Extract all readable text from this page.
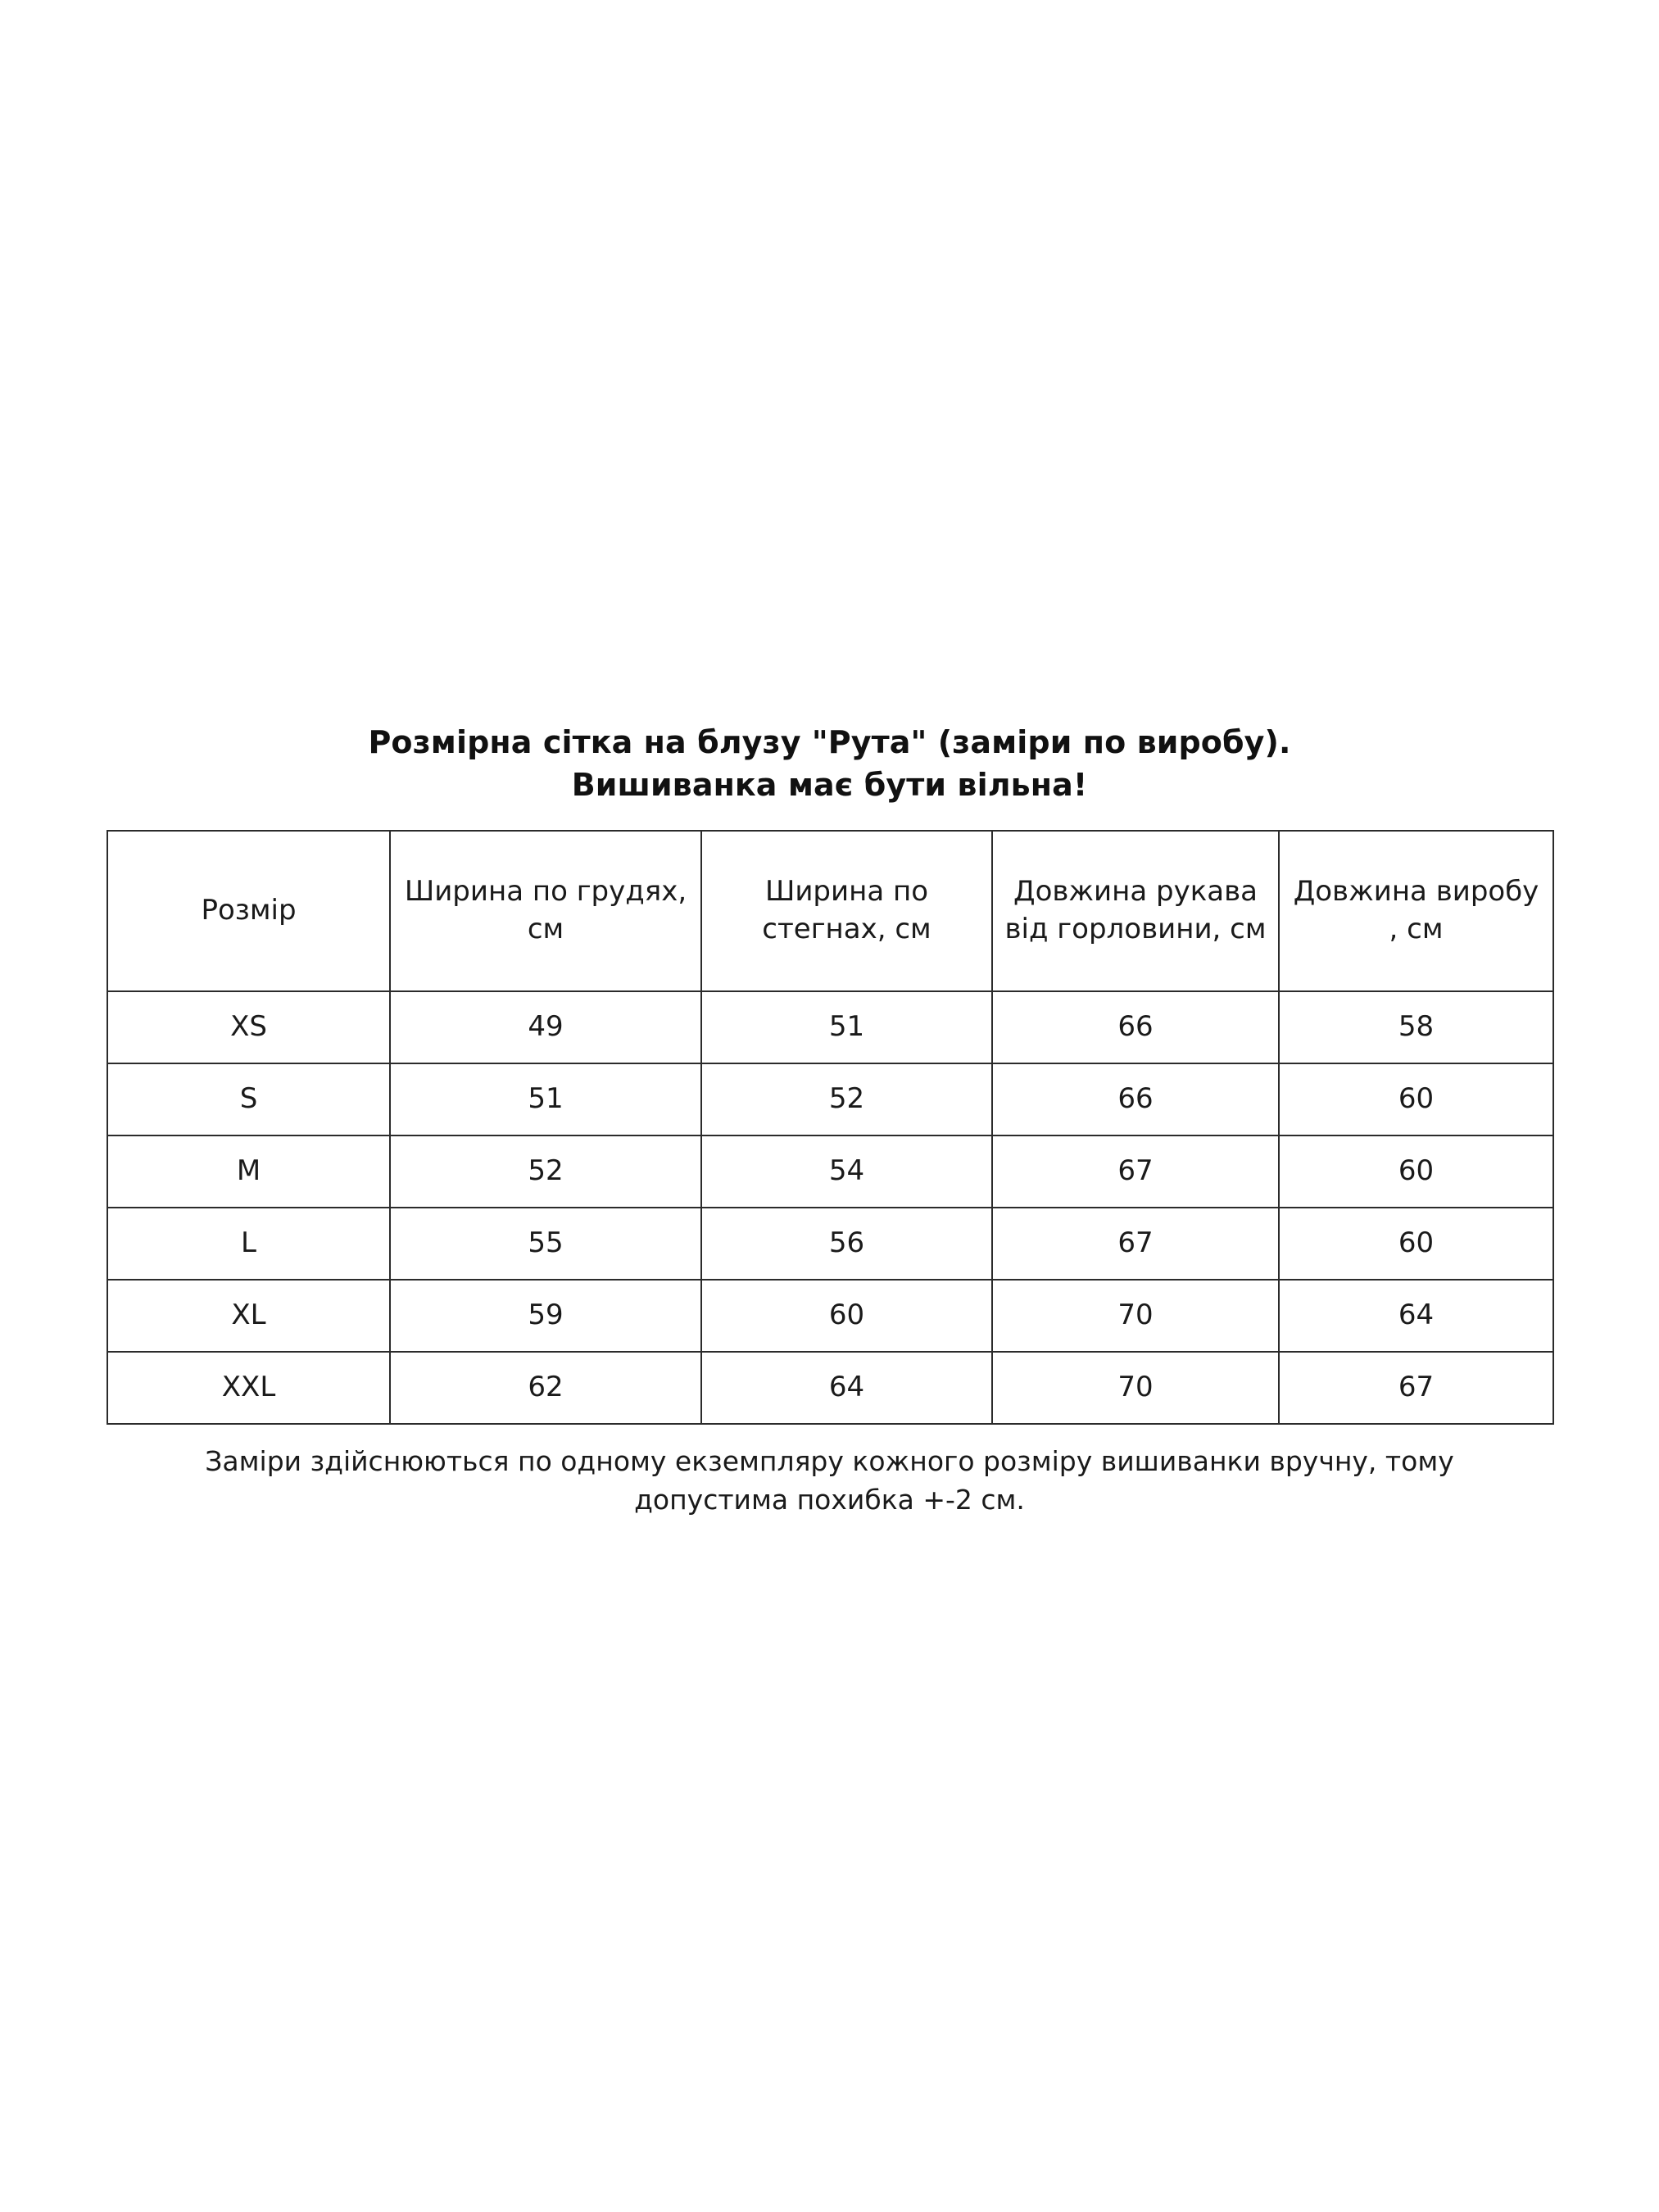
Розмірна сітка на блузу "Рута" (заміри по виробу).
Вишиванка має бути вільна!
Розмір	Ширина по грудях, см	Ширина по стегнах, см	Довжина рукава від горловини, см	Довжина виробу , см
XS	49	51	66	58
S	51	52	66	60
M	52	54	67	60
L	55	56	67	60
XL	59	60	70	64
XXL	62	64	70	67

Заміри здійснюються по одному екземпляру кожного розміру вишиванки вручну, тому
допустима похибка +-2 см.
